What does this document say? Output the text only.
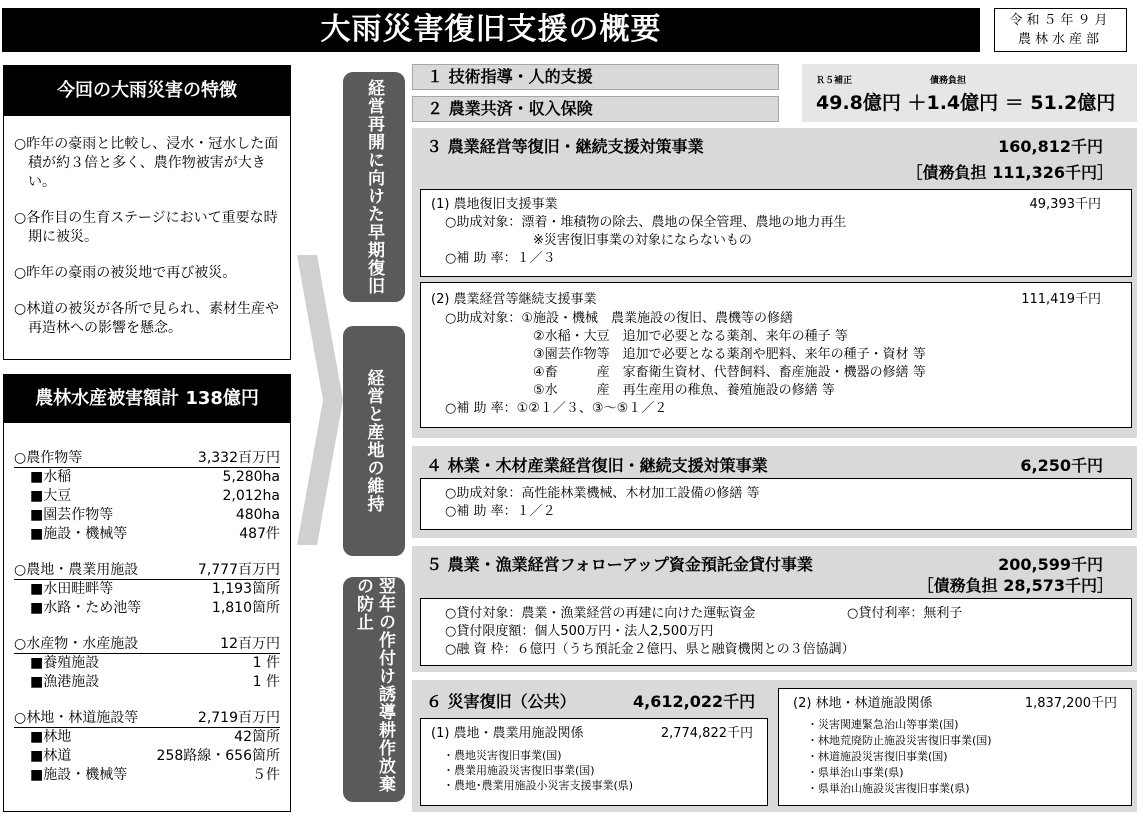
大雨災害復旧支援の概要	令和５年９月
農林水産部
今回の大雨災害の特徴

○昨年の豪雨と比較し、浸水・冠水した面積が約３倍と多く、農作物被害が大きい。

○各作目の生育ステージにおいて重要な時期に被災。

○昨年の豪雨の被災地で再び被災。

○林道の被災が各所で見られ、素材生産や再造林への影響を懸念。

農林水産被害額計 138億円
○農作物等	3,332百万円
■水稲	5,280ha
■大豆	2,012ha
■園芸作物等	480ha
■施設・機械等	487件
○農地・農業用施設	7,777百万円
■水田畦畔等	1,193箇所
■水路・ため池等	1,810箇所
○水産物・水産施設	12百万円
■養殖施設	1 件
■漁港施設	1 件
○林地・林道施設等	2,719百万円
■林地	42箇所
■林道	258路線・656箇所
■施設・機械等	５件
経営再開に向けた早期復旧
経営と産地の維持
翌年の作付け誘導耕作放棄の防止
１ 技術指導・人的支援
２ 農業共済・収入保険
Ｒ５補正	債務負担
49.8億円 ＋1.4億円 ＝ 51.2億円
３ 農業経営等復旧・継続支援対策事業	160,812千円
［債務負担 111,326千円］
(1) 農地復旧支援事業	49,393千円
○助成対象：漂着・堆積物の除去、農地の保全管理、農地の地力再生
※災害復旧事業の対象にならないもの
○補 助 率：１／３
(2) 農業経営等継続支援事業	111,419千円
○助成対象：①施設・機械　農業施設の復旧、農機等の修繕
②水稲・大豆　追加で必要となる薬剤、来年の種子 等
③園芸作物等　追加で必要となる薬剤や肥料、来年の種子・資材 等
④畜　　　産　家畜衛生資材、代替飼料、畜産施設・機器の修繕 等
⑤水　　　産　再生産用の稚魚、養殖施設の修繕 等
○補 助 率：①②１／３、③～⑤１／２
４ 林業・木材産業経営復旧・継続支援対策事業	6,250千円
○助成対象：高性能林業機械、木材加工設備の修繕 等
○補 助 率：１／２
５ 農業・漁業経営フォローアップ資金預託金貸付事業	200,599千円
［債務負担 28,573千円］
○貸付対象：農業・漁業経営の再建に向けた運転資金	○貸付利率：無利子
○貸付限度額：個人500万円・法人2,500万円
○融 資 枠：６億円（うち預託金２億円、県と融資機関との３倍協調）
６ 災害復旧（公共）	4,612,022千円
(1) 農地・農業用施設関係	2,774,822千円
・農地災害復旧事業(国)
・農業用施設災害復旧事業(国)
・農地･農業用施設小災害支援事業(県)
(2) 林地・林道施設関係	1,837,200千円
・災害関連緊急治山等事業(国)
・林地荒廃防止施設災害復旧事業(国)
・林道施設災害復旧事業(国)
・県単治山事業(県)
・県単治山施設災害復旧事業(県)
